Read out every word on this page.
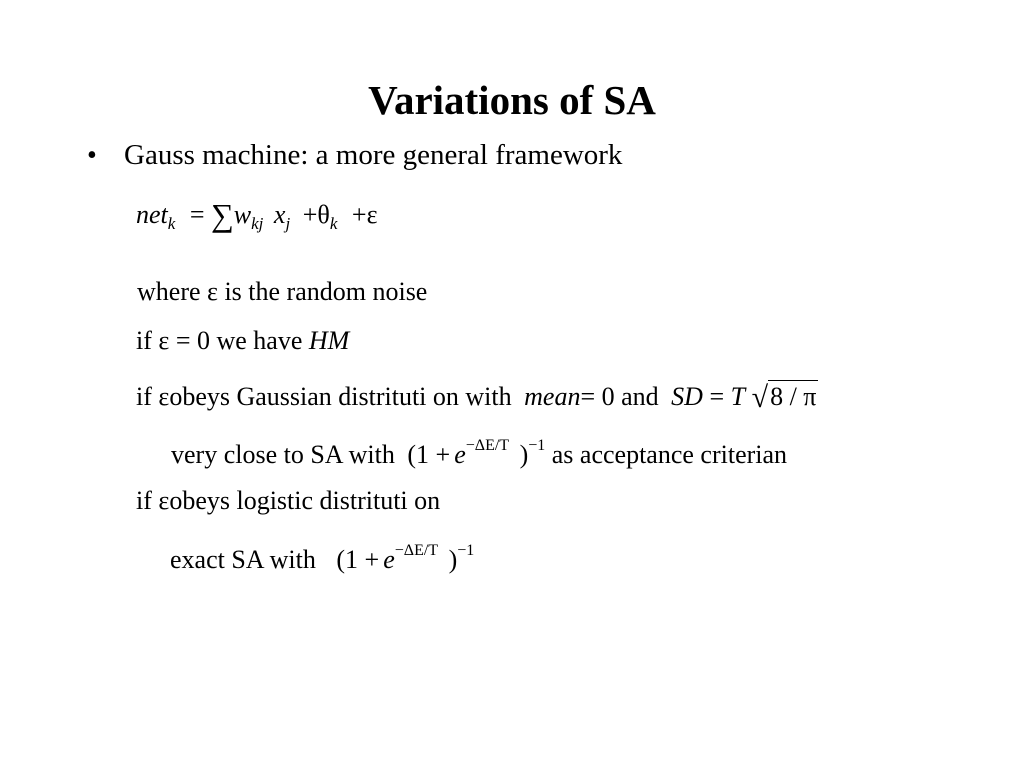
Variations of SA
• Gauss machine: a more general framework
$net_k = \sum w_{kj}$ $x_j +\theta_k +\varepsilon$
where ε is the random noise
if ε = 0 we have HM
if εobeys Gaussian distrituti on with mean= 0 and SD = T √8 / π
very close to SA with ($1 + e^{-\Delta E/T}$ )$^{-1}$ as acceptance criterian
if εobeys logistic distrituti on
exact SA with ($1 + e^{-\Delta E/T}$ )$^{-1}$
